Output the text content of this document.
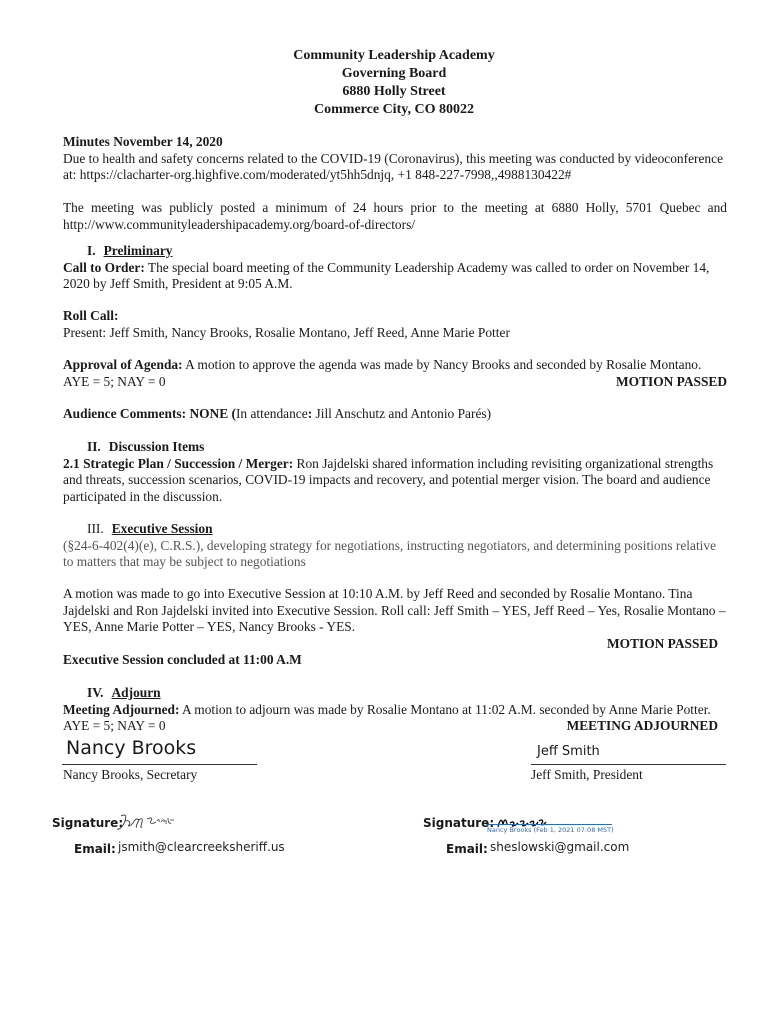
Community Leadership Academy
Governing Board
6880 Holly Street
Commerce City, CO 80022
Minutes November 14, 2020
Due to health and safety concerns related to the COVID-19 (Coronavirus), this meeting was conducted by videoconference at: https://clacharter-org.highfive.com/moderated/yt5hh5dnjq, +1 848-227-7998,,4988130422#
The meeting was publicly posted a minimum of 24 hours prior to the meeting at 6880 Holly, 5701 Quebec and http://www.communityleadershipacademy.org/board-of-directors/
I. Preliminary
Call to Order: The special board meeting of the Community Leadership Academy was called to order on November 14, 2020 by Jeff Smith, President at 9:05 A.M.
Roll Call:
Present: Jeff Smith, Nancy Brooks, Rosalie Montano, Jeff Reed, Anne Marie Potter
Approval of Agenda: A motion to approve the agenda was made by Nancy Brooks and seconded by Rosalie Montano. AYE = 5; NAY = 0	MOTION PASSED
Audience Comments: NONE (In attendance: Jill Anschutz and Antonio Parés)
II. Discussion Items
2.1 Strategic Plan / Succession / Merger: Ron Jajdelski shared information including revisiting organizational strengths and threats, succession scenarios, COVID-19 impacts and recovery, and potential merger vision. The board and audience participated in the discussion.
III. Executive Session
(§24-6-402(4)(e), C.R.S.), developing strategy for negotiations, instructing negotiators, and determining positions relative to matters that may be subject to negotiations
A motion was made to go into Executive Session at 10:10 A.M. by Jeff Reed and seconded by Rosalie Montano. Tina Jajdelski and Ron Jajdelski invited into Executive Session. Roll call: Jeff Smith – YES, Jeff Reed – Yes, Rosalie Montano – YES, Anne Marie Potter – YES, Nancy Brooks - YES.
MOTION PASSED
Executive Session concluded at 11:00 A.M
IV. Adjourn
Meeting Adjourned: A motion to adjourn was made by Rosalie Montano at 11:02 A.M. seconded by Anne Marie Potter. AYE = 5; NAY = 0	MEETING ADJOURNED
Nancy Brooks
Nancy Brooks, Secretary
Jeff Smith
Jeff Smith, President
Signature:
Email: jsmith@clearcreeksheriff.us
Signature:
Nancy Brooks (Feb 1, 2021 07:08 MST)
Email: sheslowski@gmail.com
